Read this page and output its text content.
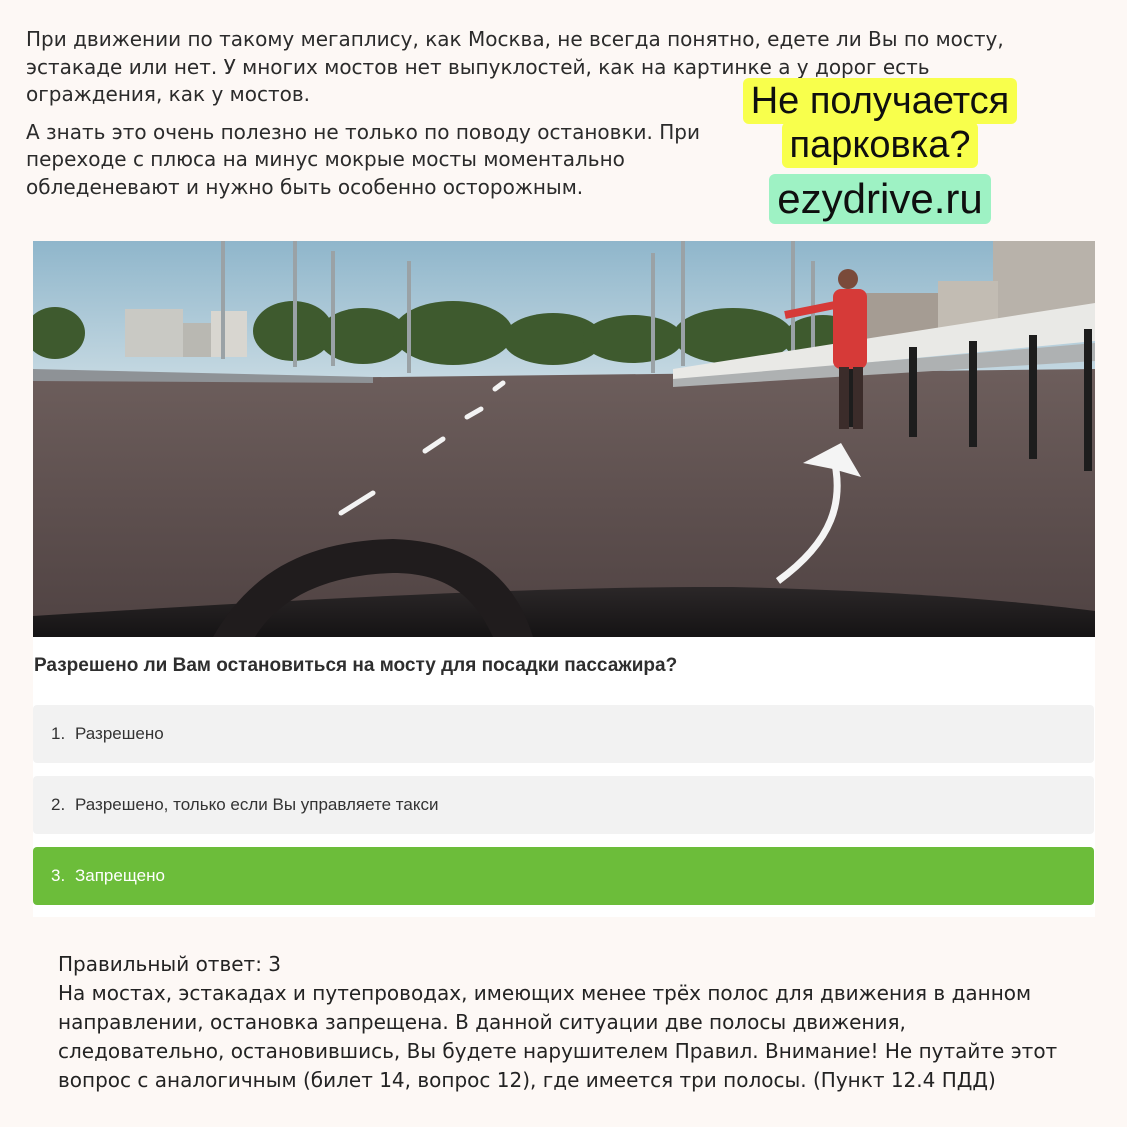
При движении по такому мегаплису, как Москва, не всегда понятно, едете ли Вы по мосту, эстакаде или нет. У многих мостов нет выпуклостей, как на картинке а у дорог есть ограждения, как у мостов.

А знать это очень полезно не только по поводу остановки. При переходе с плюса на минус мокрые мосты моментально обледеневают и нужно быть особенно осторожным.

Не получается
парковка?
ezydrive.ru
Разрешено ли Вам остановиться на мосту для посадки пассажира?
1. Разрешено
2. Разрешено, только если Вы управляете такси
3. Запрещено

Правильный ответ: 3

На мостах, эстакадах и путепроводах, имеющих менее трёх полос для движения в данном направлении, остановка запрещена. В данной ситуации две полосы движения, следовательно, остановившись, Вы будете нарушителем Правил. Внимание! Не путайте этот вопрос с аналогичным (билет 14, вопрос 12), где имеется три полосы. (Пункт 12.4 ПДД)
